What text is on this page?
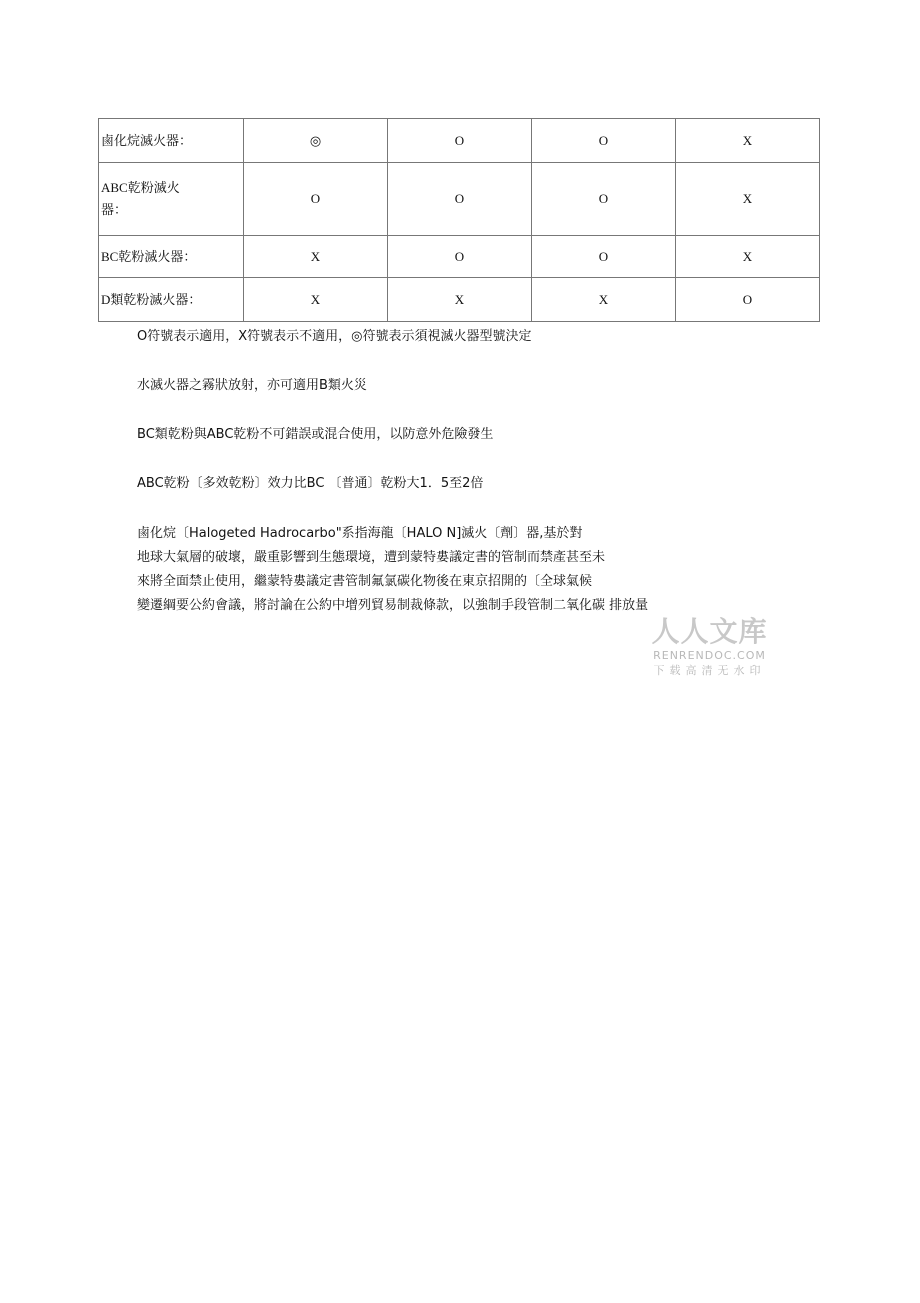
鹵化烷滅火器：	◎	O	O	X

ABC乾粉滅火器：	O	O	O	X
BC乾粉滅火器：	X	O	O	X
D類乾粉滅火器：	X	X	X	O

O符號表示適用，X符號表示不適用，◎符號表示須視滅火器型號決定

水滅火器之霧狀放射，亦可適用B類火災

BC類乾粉與ABC乾粉不可錯誤或混合使用，以防意外危險發生

ABC乾粉〔多效乾粉〕效力比BC 〔普通〕乾粉大1．5至2倍

鹵化烷〔Halogeted Hadrocarbo"系指海龍〔HALO N]滅火〔劑〕器,基於對

地球大氣層的破壞，嚴重影響到生態環境，遭到蒙特婁議定書的管制而禁產甚至未

來將全面禁止使用，繼蒙特婁議定書管制氟氯碳化物後在東京招開的〔全球氣候

變遷綱要公約會議，將討論在公約中增列貿易制裁條款，以強制手段管制二氧化碳 排放量

人人文库
RENRENDOC.COM
下载高清无水印
